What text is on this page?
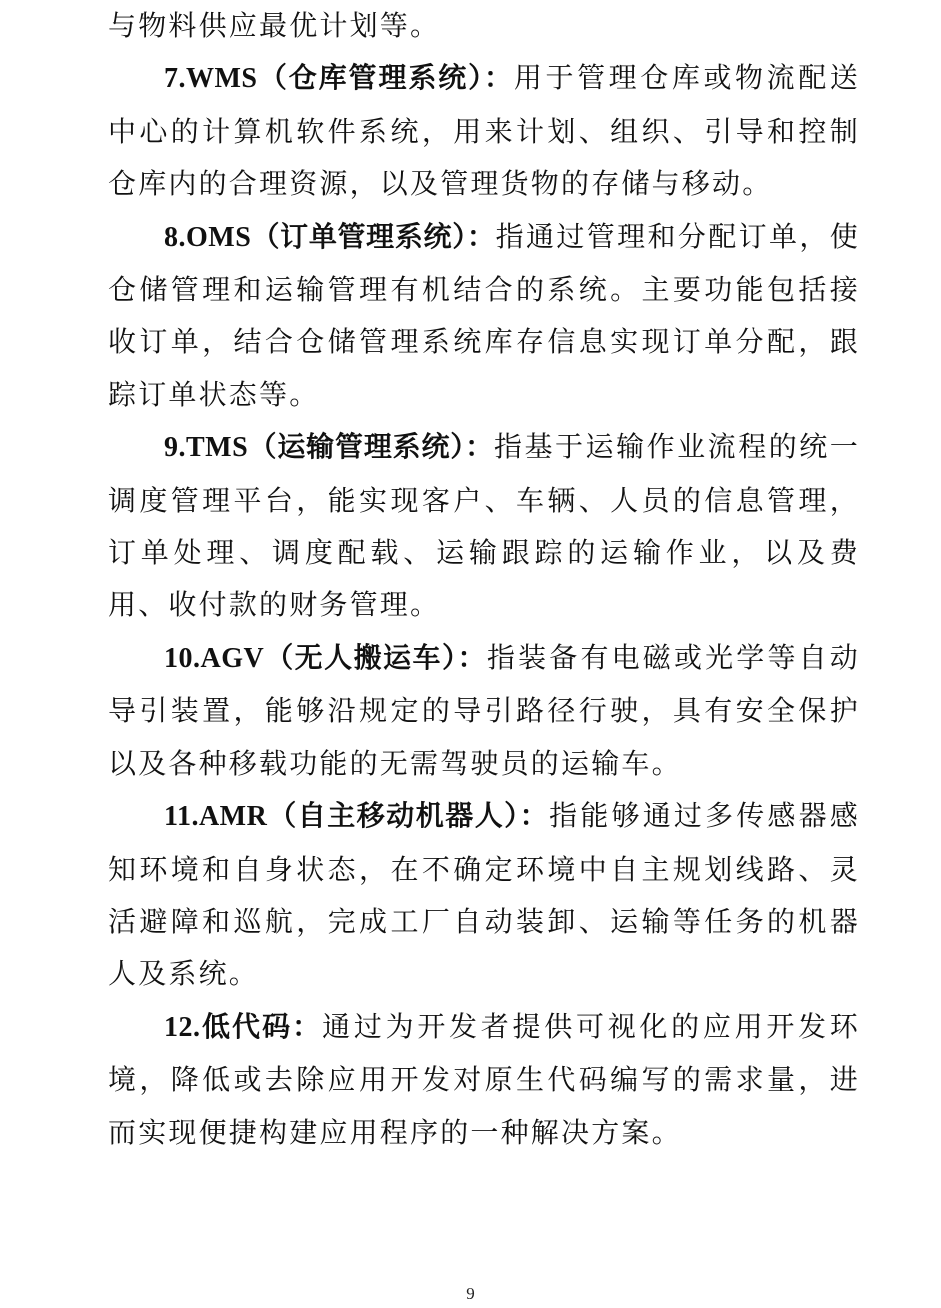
与物料供应最优计划等。

7.WMS（仓库管理系统）：用于管理仓库或物流配送中心的计算机软件系统，用来计划、组织、引导和控制仓库内的合理资源，以及管理货物的存储与移动。

8.OMS（订单管理系统）：指通过管理和分配订单，使仓储管理和运输管理有机结合的系统。主要功能包括接收订单，结合仓储管理系统库存信息实现订单分配，跟踪订单状态等。

9.TMS（运输管理系统）：指基于运输作业流程的统一调度管理平台，能实现客户、车辆、人员的信息管理，订单处理、调度配载、运输跟踪的运输作业，以及费用、收付款的财务管理。

10.AGV（无人搬运车）：指装备有电磁或光学等自动导引装置，能够沿规定的导引路径行驶，具有安全保护以及各种移载功能的无需驾驶员的运输车。

11.AMR（自主移动机器人）：指能够通过多传感器感知环境和自身状态，在不确定环境中自主规划线路、灵活避障和巡航，完成工厂自动装卸、运输等任务的机器人及系统。

12.低代码：通过为开发者提供可视化的应用开发环境，降低或去除应用开发对原生代码编写的需求量，进而实现便捷构建应用程序的一种解决方案。

9
